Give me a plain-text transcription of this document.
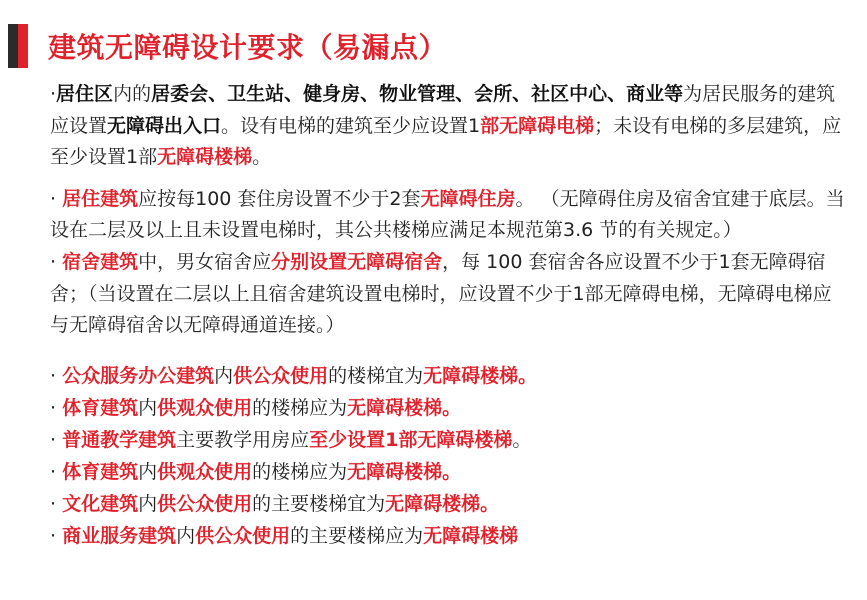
建筑无障碍设计要求（易漏点）

·居住区内的居委会、卫生站、健身房、物业管理、会所、社区中心、商业等为居民服务的建筑应设置无障碍出入口。设有电梯的建筑至少应设置1部无障碍电梯；未设有电梯的多层建筑，应至少设置1部无障碍楼梯。

· 居住建筑应按每100 套住房设置不少于2套无障碍住房。 （无障碍住房及宿舍宜建于底层。当设在二层及以上且未设置电梯时，其公共楼梯应满足本规范第3.6 节的有关规定。）

· 宿舍建筑中，男女宿舍应分别设置无障碍宿舍，每 100 套宿舍各应设置不少于1套无障碍宿舍；（当设置在二层以上且宿舍建筑设置电梯时，应设置不少于1部无障碍电梯，无障碍电梯应与无障碍宿舍以无障碍通道连接。）

· 公众服务办公建筑内供公众使用的楼梯宜为无障碍楼梯。
· 体育建筑内供观众使用的楼梯应为无障碍楼梯。
· 普通教学建筑主要教学用房应至少设置1部无障碍楼梯。
· 体育建筑内供观众使用的楼梯应为无障碍楼梯。
· 文化建筑内供公众使用的主要楼梯宜为无障碍楼梯。
· 商业服务建筑内供公众使用的主要楼梯应为无障碍楼梯
